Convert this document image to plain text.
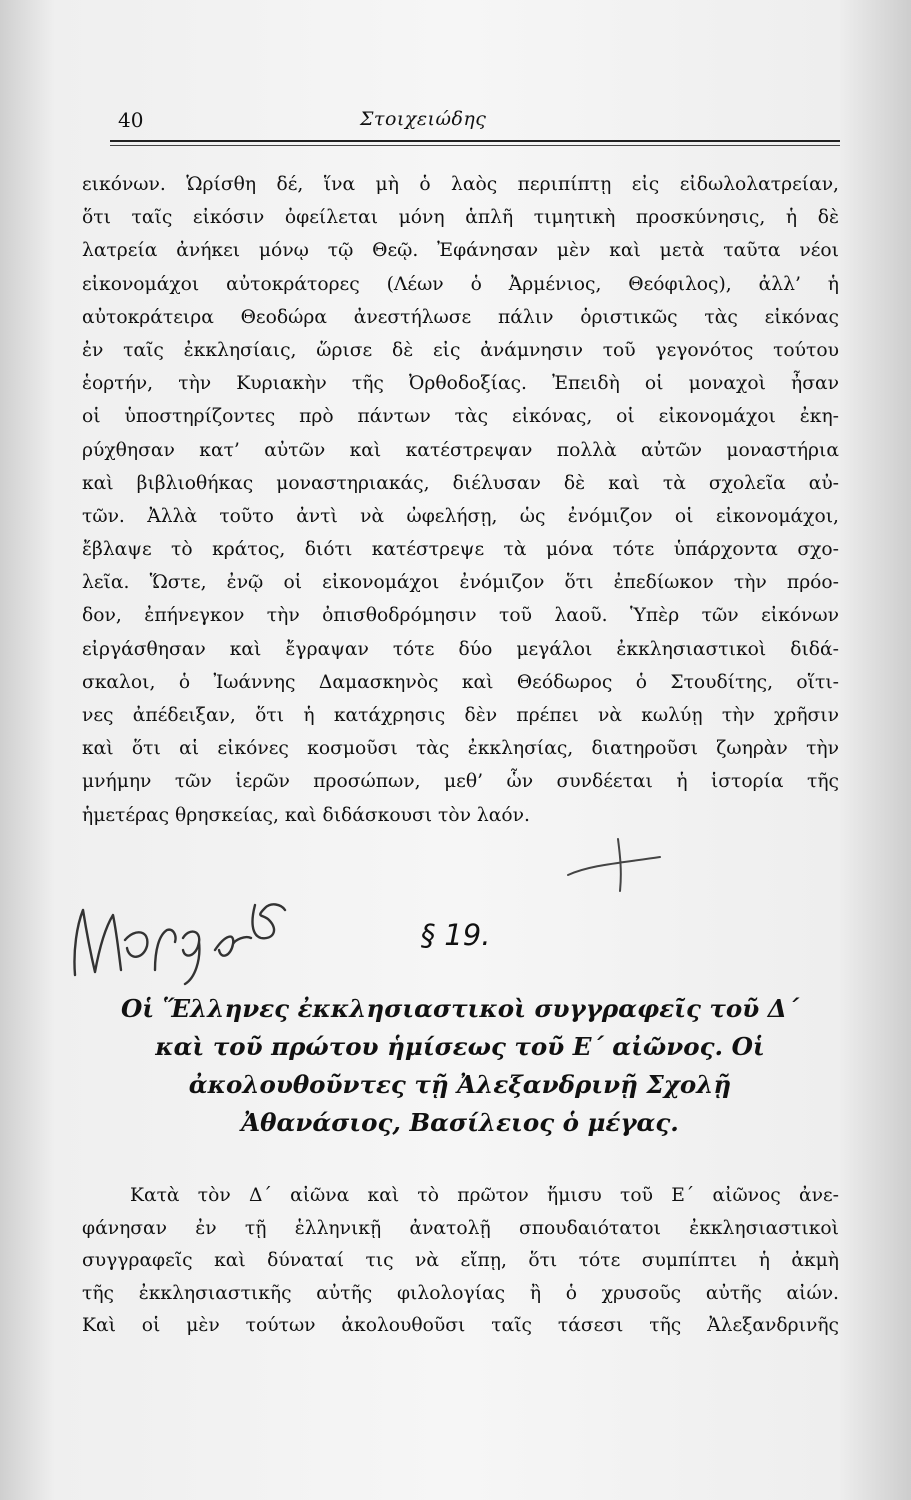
40	Στοιχειώδης
εικόνων. Ὡρίσθη δέ, ἵνα μὴ ὁ λαὸς περιπίπτῃ εἰς εἰδωλολατρείαν,
ὅτι ταῖς εἰκόσιν ὀφείλεται μόνη ἁπλῆ τιμητικὴ προσκύνησις, ἡ δὲ
λατρεία ἀνήκει μόνῳ τῷ Θεῷ. Ἐφάνησαν μὲν καὶ μετὰ ταῦτα νέοι
εἰκονομάχοι αὐτοκράτορες (Λέων ὁ Ἀρμένιος, Θεόφιλος), ἀλλ’ ἡ
αὐτοκράτειρα Θεοδώρα ἀνεστήλωσε πάλιν ὁριστικῶς τὰς εἰκόνας
ἐν ταῖς ἐκκλησίαις, ὥρισε δὲ εἰς ἀνάμνησιν τοῦ γεγονότος τούτου
ἑορτήν, τὴν Κυριακὴν τῆς Ὀρθοδοξίας. Ἐπειδὴ οἱ μοναχοὶ ἦσαν
οἱ ὑποστηρίζοντες πρὸ πάντων τὰς εἰκόνας, οἱ εἰκονομάχοι ἐκη-
ρύχθησαν κατ’ αὐτῶν καὶ κατέστρεψαν πολλὰ αὐτῶν μοναστήρια
καὶ βιβλιοθήκας μοναστηριακάς, διέλυσαν δὲ καὶ τὰ σχολεῖα αὐ-
τῶν. Ἀλλὰ τοῦτο ἀντὶ νὰ ὠφελήσῃ, ὡς ἐνόμιζον οἱ εἰκονομάχοι,
ἔβλαψε τὸ κράτος, διότι κατέστρεψε τὰ μόνα τότε ὑπάρχοντα σχο-
λεῖα. Ὥστε, ἐνῷ οἱ εἰκονομάχοι ἐνόμιζον ὅτι ἐπεδίωκον τὴν πρόο-
δον, ἐπήνεγκον τὴν ὀπισθοδρόμησιν τοῦ λαοῦ. Ὑπὲρ τῶν εἰκόνων
εἰργάσθησαν καὶ ἔγραψαν τότε δύο μεγάλοι ἐκκλησιαστικοὶ διδά-
σκαλοι, ὁ Ἰωάννης Δαμασκηνὸς καὶ Θεόδωρος ὁ Στουδίτης, οἵτι-
νες ἀπέδειξαν, ὅτι ἡ κατάχρησις δὲν πρέπει νὰ κωλύῃ τὴν χρῆσιν
καὶ ὅτι αἱ εἰκόνες κοσμοῦσι τὰς ἐκκλησίας, διατηροῦσι ζωηρὰν τὴν
μνήμην τῶν ἱερῶν προσώπων, μεθ’ ὧν συνδέεται ἡ ἱστορία τῆς
ἡμετέρας θρησκείας, καὶ διδάσκουσι τὸν λαόν.
§ 19.
Οἱ Ἕλληνες ἐκκλησιαστικοὶ συγγραφεῖς τοῦ Δ΄
καὶ τοῦ πρώτου ἡμίσεως τοῦ Ε΄ αἰῶνος. Οἱ
ἀκολουθοῦντες τῇ Ἀλεξανδρινῇ Σχολῇ
Ἀθανάσιος, Βασίλειος ὁ μέγας.
Κατὰ τὸν Δ΄ αἰῶνα καὶ τὸ πρῶτον ἥμισυ τοῦ Ε΄ αἰῶνος ἀνε-
φάνησαν ἐν τῇ ἑλληνικῇ ἀνατολῇ σπουδαιότατοι ἐκκλησιαστικοὶ
συγγραφεῖς καὶ δύναταί τις νὰ εἴπῃ, ὅτι τότε συμπίπτει ἡ ἀκμὴ
τῆς ἐκκλησιαστικῆς αὐτῆς φιλολογίας ἢ ὁ χρυσοῦς αὐτῆς αἰών.
Καὶ οἱ μὲν τούτων ἀκολουθοῦσι ταῖς τάσεσι τῆς Ἀλεξανδρινῆς
